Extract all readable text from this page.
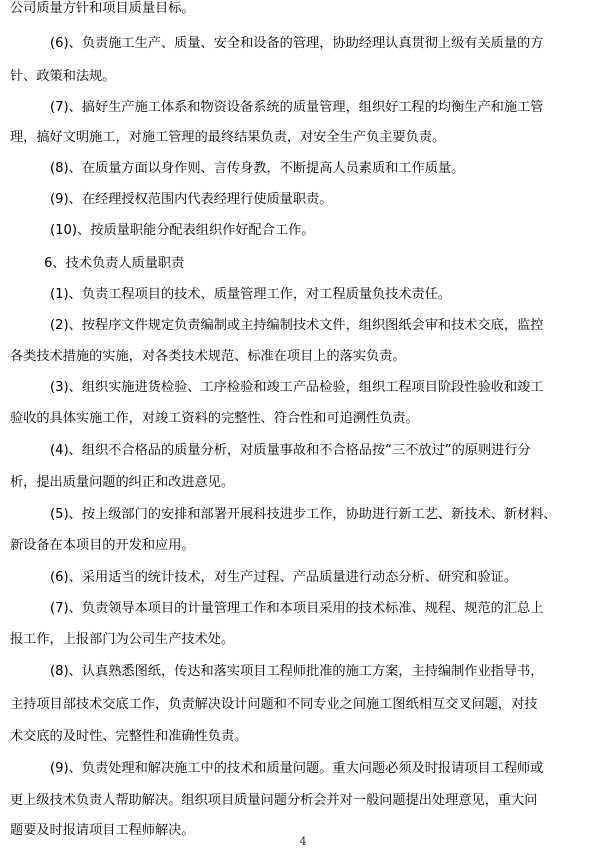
公司质量方针和项目质量目标。
(6)、负责施工生产、质量、安全和设备的管理，协助经理认真贯彻上级有关质量的方
针、政策和法规。
(7)、搞好生产施工体系和物资设备系统的质量管理，组织好工程的均衡生产和施工管
理，搞好文明施工，对施工管理的最终结果负责，对安全生产负主要负责。
(8)、在质量方面以身作则、言传身教，不断提高人员素质和工作质量。
(9)、在经理授权范围内代表经理行使质量职责。
(10)、按质量职能分配表组织作好配合工作。
6、技术负责人质量职责
(1)、负责工程项目的技术、质量管理工作，对工程质量负技术责任。
(2)、按程序文件规定负责编制或主持编制技术文件，组织图纸会审和技术交底，监控
各类技术措施的实施，对各类技术规范、标准在项目上的落实负责。
(3)、组织实施进货检验、工序检验和竣工产品检验，组织工程项目阶段性验收和竣工
验收的具体实施工作，对竣工资料的完整性、符合性和可追溯性负责。
(4)、组织不合格品的质量分析，对质量事故和不合格品按“三不放过”的原则进行分
析，提出质量问题的纠正和改进意见。
(5)、按上级部门的安排和部署开展科技进步工作，协助进行新工艺、新技术、新材料、
新设备在本项目的开发和应用。
(6)、采用适当的统计技术，对生产过程、产品质量进行动态分析、研究和验证。
(7)、负责领导本项目的计量管理工作和本项目采用的技术标准、规程、规范的汇总上
报工作，上报部门为公司生产技术处。
(8)、认真熟悉图纸，传达和落实项目工程师批准的施工方案，主持编制作业指导书，
主持项目部技术交底工作，负责解决设计问题和不同专业之间施工图纸相互交叉问题，对技
术交底的及时性、完整性和准确性负责。
(9)、负责处理和解决施工中的技术和质量问题。重大问题必须及时报请项目工程师或
更上级技术负责人帮助解决。组织项目质量问题分析会并对一般问题提出处理意见，重大问
题要及时报请项目工程师解决。
4
